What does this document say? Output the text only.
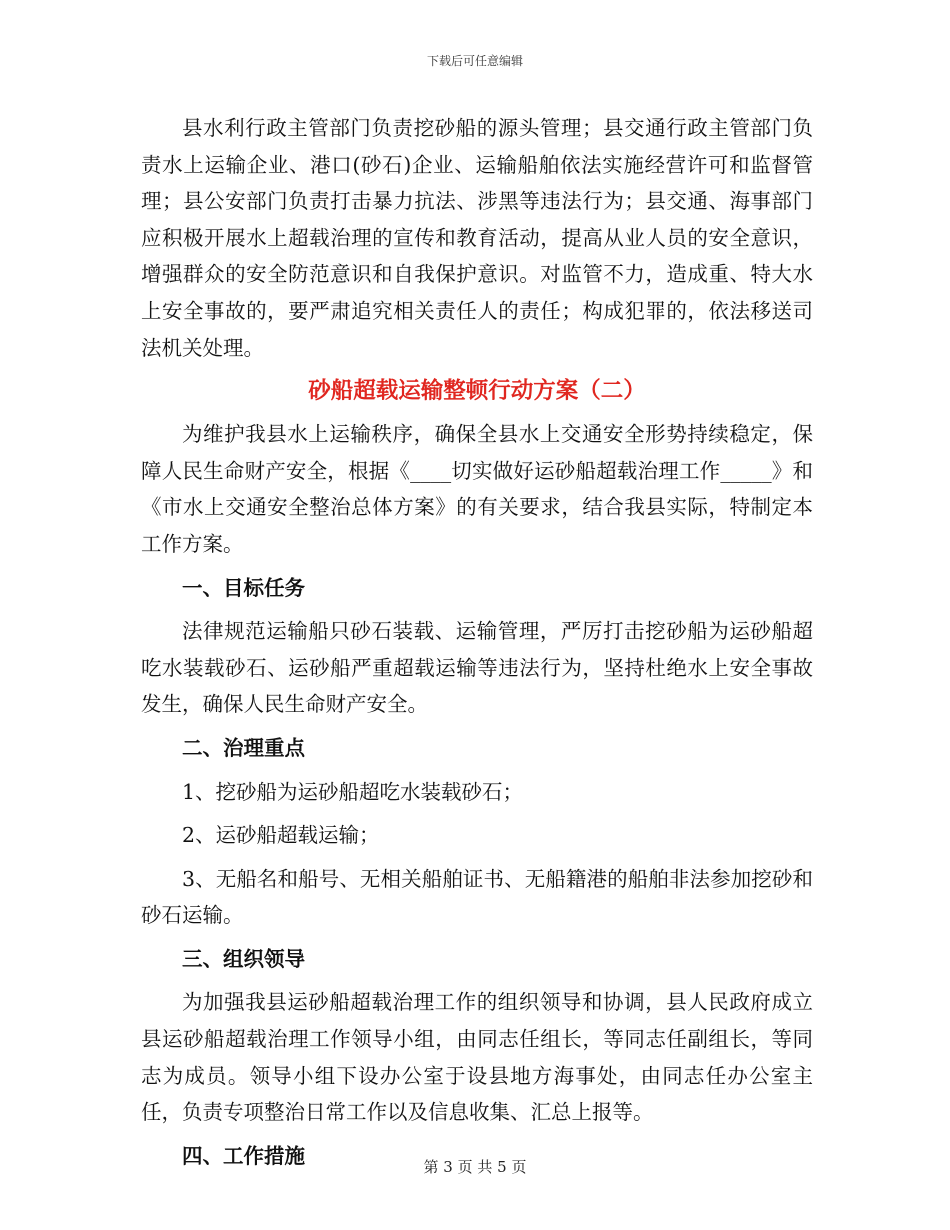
下载后可任意编辑

县水利行政主管部门负责挖砂船的源头管理；县交通行政主管部门负责水上运输企业、港口(砂石)企业、运输船舶依法实施经营许可和监督管理；县公安部门负责打击暴力抗法、涉黑等违法行为；县交通、海事部门应积极开展水上超载治理的宣传和教育活动，提高从业人员的安全意识，增强群众的安全防范意识和自我保护意识。对监管不力，造成重、特大水上安全事故的，要严肃追究相关责任人的责任；构成犯罪的，依法移送司法机关处理。

砂船超载运输整顿行动方案（二）

为维护我县水上运输秩序，确保全县水上交通安全形势持续稳定，保障人民生命财产安全，根据《____切实做好运砂船超载治理工作_____》和《市水上交通安全整治总体方案》的有关要求，结合我县实际，特制定本工作方案。

一、目标任务

法律规范运输船只砂石装载、运输管理，严厉打击挖砂船为运砂船超吃水装载砂石、运砂船严重超载运输等违法行为，坚持杜绝水上安全事故发生，确保人民生命财产安全。

二、治理重点

1、挖砂船为运砂船超吃水装载砂石；

2、运砂船超载运输；

3、无船名和船号、无相关船舶证书、无船籍港的船舶非法参加挖砂和砂石运输。

三、组织领导

为加强我县运砂船超载治理工作的组织领导和协调，县人民政府成立县运砂船超载治理工作领导小组，由同志任组长，等同志任副组长，等同志为成员。领导小组下设办公室于设县地方海事处，由同志任办公室主任，负责专项整治日常工作以及信息收集、汇总上报等。

四、工作措施	第 3 页 共 5 页
